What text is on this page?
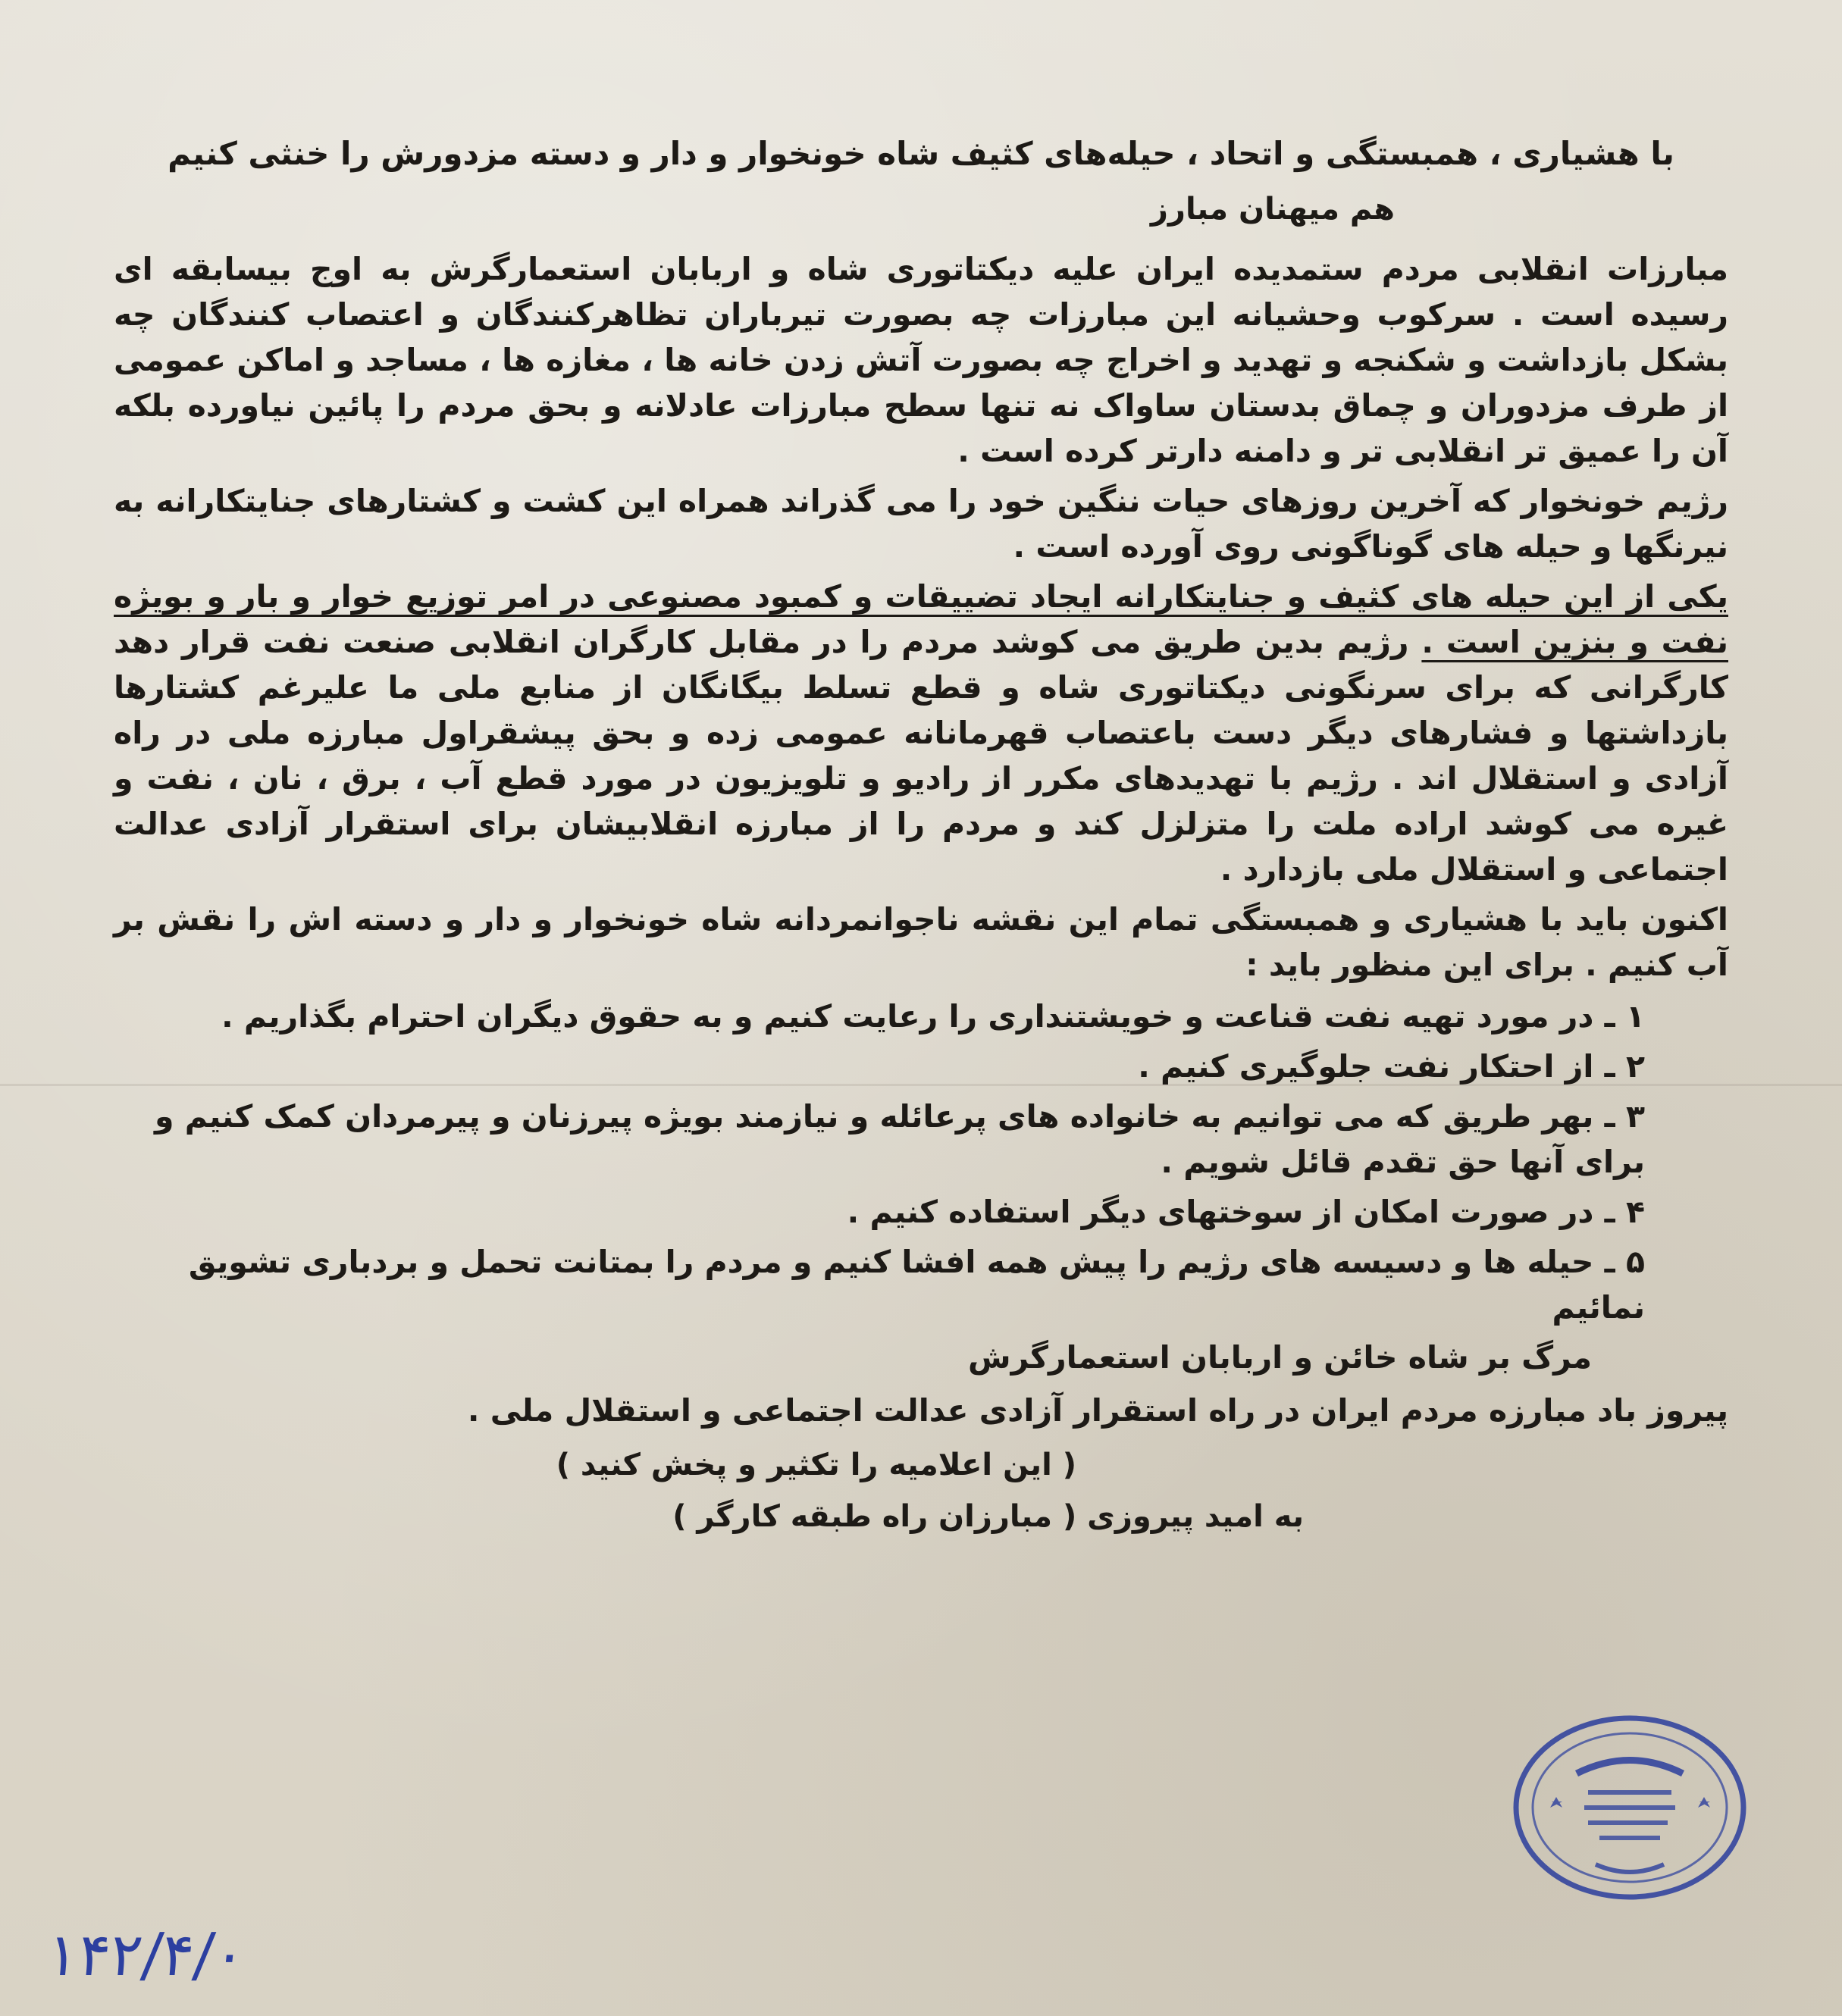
با هشیاری ، همبستگی و اتحاد ، حیله‌های کثیف شاه خونخوار و دار و دسته مزدورش را خنثی کنیم
هم میهنان مبارز

مبارزات انقلابی مردم ستمدیده ایران علیه دیکتاتوری شاه و اربابان استعمارگرش به اوج بیسابقه ای رسیده است . سرکوب وحشیانه این مبارزات چه بصورت تیرباران تظاهرکنندگان و اعتصاب کنندگان چه بشکل بازداشت و شکنجه و تهدید و اخراج چه بصورت آتش زدن خانه ها ، مغازه ها ، مساجد و اماکن عمومی از طرف مزدوران و چماق بدستان ساواک نه تنها سطح مبارزات عادلانه و بحق مردم را پائین نیاورده بلکه آن را عمیق تر انقلابی تر و دامنه دارتر کرده است .

رژیم خونخوار که آخرین روزهای حیات ننگین خود را می گذراند همراه این کشت و کشتارهای جنایتکارانه به نیرنگها و حیله های گوناگونی روی آورده است .

یکی از این حیله های کثیف و جنایتکارانه ایجاد تضییقات و کمبود مصنوعی در امر توزیع خوار و بار و بویژه نفت و بنزین است . رژیم بدین طریق می کوشد مردم را در مقابل کارگران انقلابی صنعت نفت قرار دهد کارگرانی که برای سرنگونی دیکتاتوری شاه و قطع تسلط بیگانگان از منابع ملی ما علیرغم کشتارها بازداشتها و فشارهای دیگر دست باعتصاب قهرمانانه عمومی زده و بحق پیشقراول مبارزه ملی در راه آزادی و استقلال اند . رژیم با تهدیدهای مکرر از رادیو و تلویزیون در مورد قطع آب ، برق ، نان ، نفت و غیره می کوشد اراده ملت را متزلزل کند و مردم را از مبارزه انقلابیشان برای استقرار آزادی عدالت اجتماعی و استقلال ملی بازدارد .

اکنون باید با هشیاری و همبستگی تمام این نقشه ناجوانمردانه شاه خونخوار و دار و دسته اش را نقش بر آب کنیم . برای این منظور باید :

۱ ـ در مورد تهیه نفت قناعت و خویشتنداری را رعایت کنیم و به حقوق دیگران احترام بگذاریم .
۲ ـ از احتکار نفت جلوگیری کنیم .
۳ ـ بهر طریق که می توانیم به خانواده های پرعائله و نیازمند بویژه پیرزنان و پیرمردان کمک کنیم و برای آنها حق تقدم قائل شویم .
۴ ـ در صورت امکان از سوختهای دیگر استفاده کنیم .
۵ ـ حیله ها و دسیسه های رژیم را پیش همه افشا کنیم و مردم را بمتانت تحمل و بردباری تشویق نمائیم
مرگ بر شاه خائن و اربابان استعمارگرش
پیروز باد مبارزه مردم ایران در راه استقرار آزادی عدالت اجتماعی و استقلال ملی .
( این اعلامیه را تکثیر و پخش کنید )
به امید پیروزی ( مبارزان راه طبقه کارگر )
۱۴۲/۴/۰
